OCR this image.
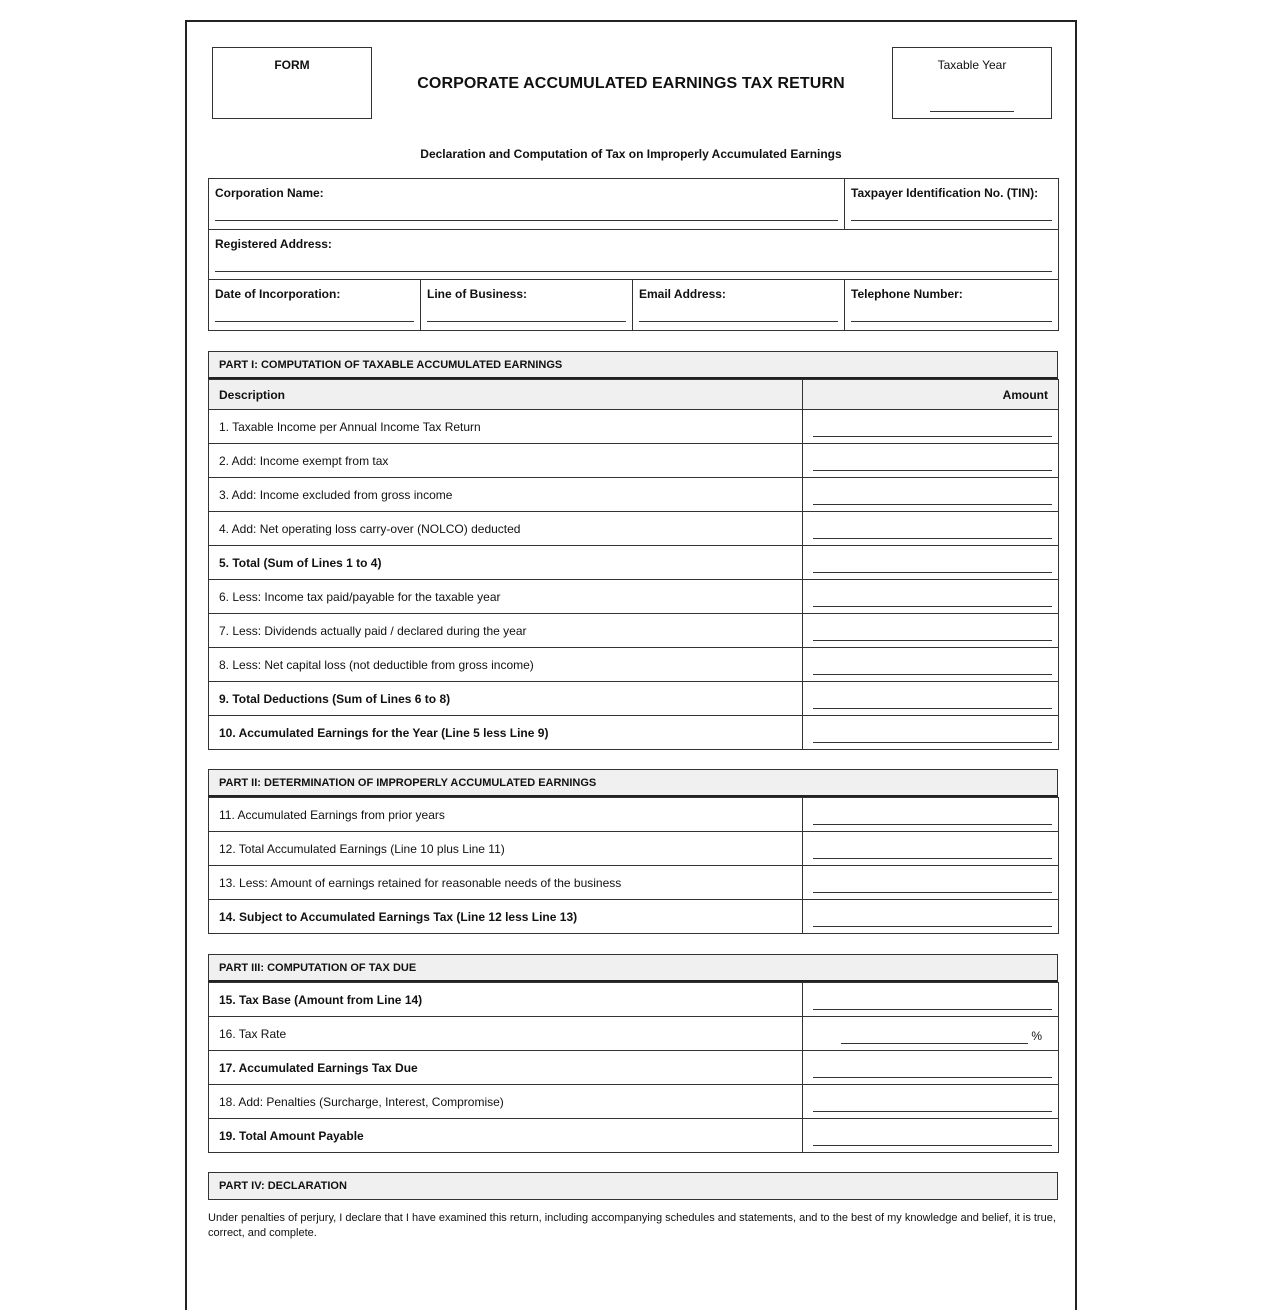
FORM
CORPORATE ACCUMULATED EARNINGS TAX RETURN
Taxable Year
Declaration and Computation of Tax on Improperly Accumulated Earnings
Corporation Name:			Taxpayer Identification No. (TIN):

Registered Address:			

Date of Incorporation:	Line of Business:	Email Address:	Telephone Number:
PART I: COMPUTATION OF TAXABLE ACCUMULATED EARNINGS
Description	Amount
1. Taxable Income per Annual Income Tax Return	

2. Add: Income exempt from tax	

3. Add: Income excluded from gross income	

4. Add: Net operating loss carry-over (NOLCO) deducted	

5. Total (Sum of Lines 1 to 4)	

6. Less: Income tax paid/payable for the taxable year	

7. Less: Dividends actually paid / declared during the year	

8. Less: Net capital loss (not deductible from gross income)	

9. Total Deductions (Sum of Lines 6 to 8)	

10. Accumulated Earnings for the Year (Line 5 less Line 9)	
PART II: DETERMINATION OF IMPROPERLY ACCUMULATED EARNINGS
11. Accumulated Earnings from prior years	

12. Total Accumulated Earnings (Line 10 plus Line 11)	

13. Less: Amount of earnings retained for reasonable needs of the business	

14. Subject to Accumulated Earnings Tax (Line 12 less Line 13)	
PART III: COMPUTATION OF TAX DUE
15. Tax Base (Amount from Line 14)	

16. Tax Rate	%

17. Accumulated Earnings Tax Due	

18. Add: Penalties (Surcharge, Interest, Compromise)	

19. Total Amount Payable	
PART IV: DECLARATION
Under penalties of perjury, I declare that I have examined this return, including accompanying schedules and statements, and to the best of my knowledge and belief, it is true, correct, and complete.
